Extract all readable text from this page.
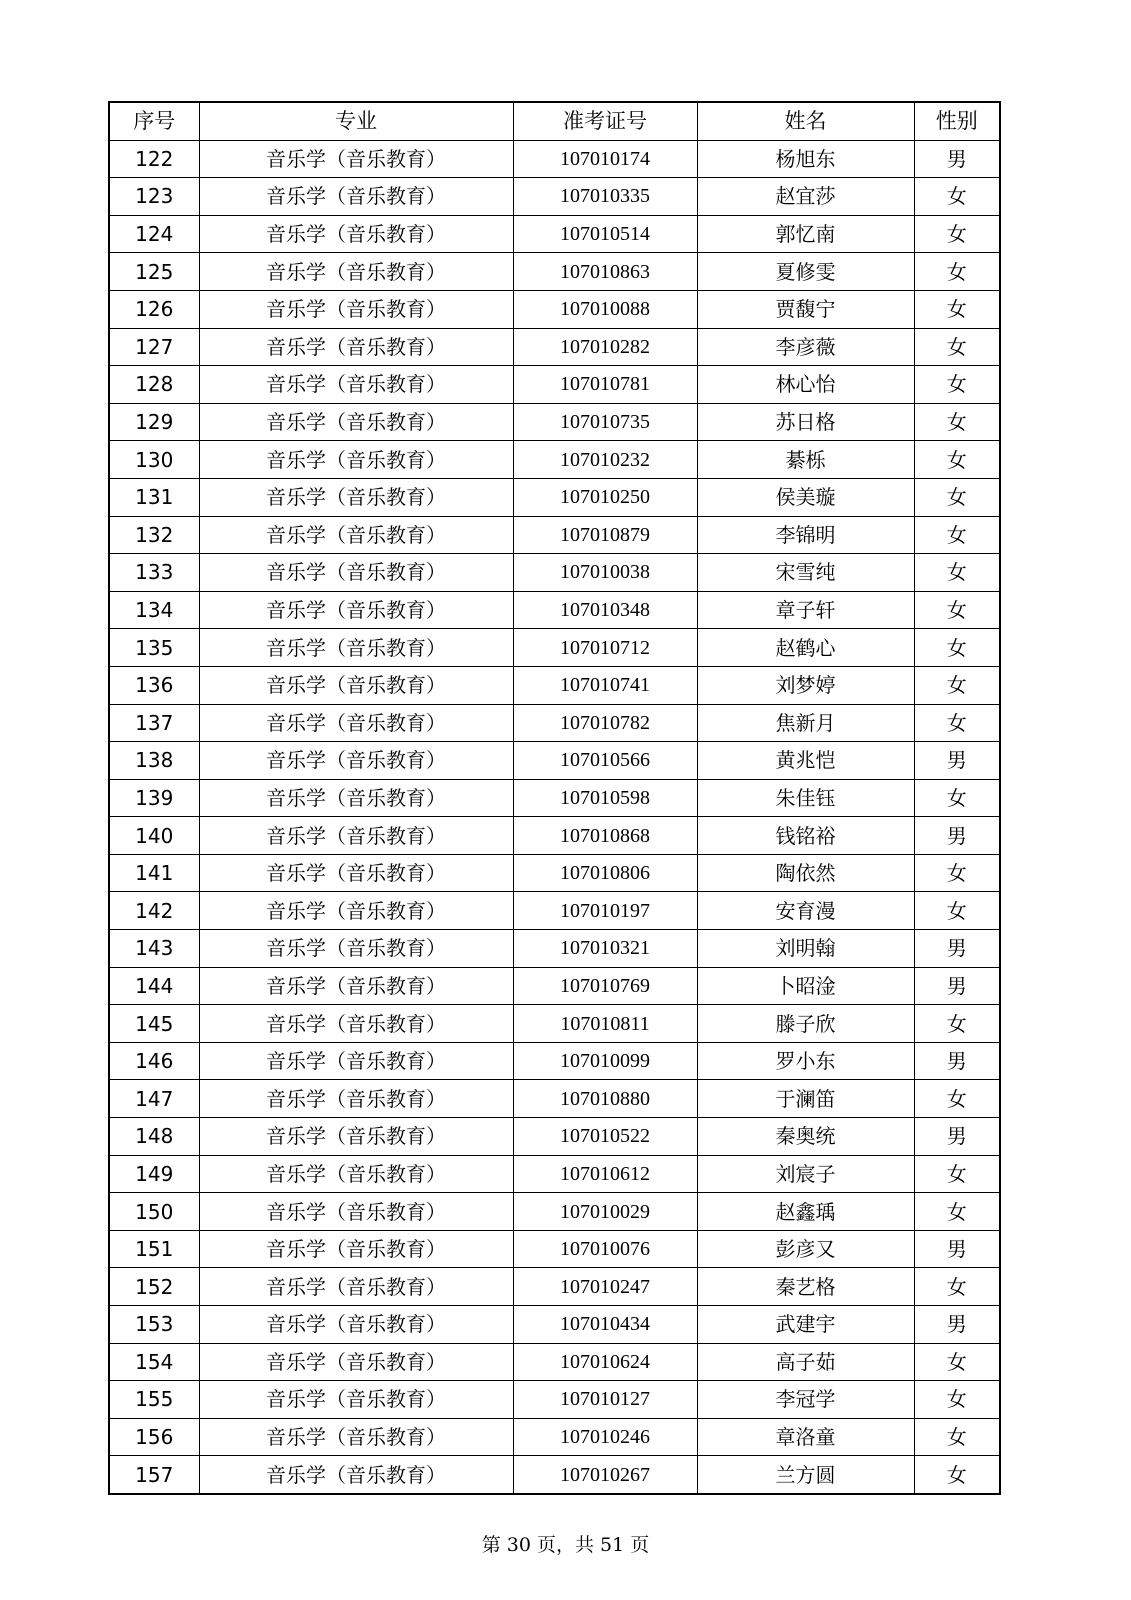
序号	专业	准考证号	姓名	性别
122	音乐学（音乐教育）	107010174	杨旭东	男
123	音乐学（音乐教育）	107010335	赵宜莎	女
124	音乐学（音乐教育）	107010514	郭忆南	女
125	音乐学（音乐教育）	107010863	夏修雯	女
126	音乐学（音乐教育）	107010088	贾馥宁	女
127	音乐学（音乐教育）	107010282	李彦薇	女
128	音乐学（音乐教育）	107010781	林心怡	女
129	音乐学（音乐教育）	107010735	苏日格	女
130	音乐学（音乐教育）	107010232	綦栎	女
131	音乐学（音乐教育）	107010250	侯美璇	女
132	音乐学（音乐教育）	107010879	李锦明	女
133	音乐学（音乐教育）	107010038	宋雪纯	女
134	音乐学（音乐教育）	107010348	章子轩	女
135	音乐学（音乐教育）	107010712	赵鹤心	女
136	音乐学（音乐教育）	107010741	刘梦婷	女
137	音乐学（音乐教育）	107010782	焦新月	女
138	音乐学（音乐教育）	107010566	黄兆恺	男
139	音乐学（音乐教育）	107010598	朱佳钰	女
140	音乐学（音乐教育）	107010868	钱铭裕	男
141	音乐学（音乐教育）	107010806	陶依然	女
142	音乐学（音乐教育）	107010197	安育漫	女
143	音乐学（音乐教育）	107010321	刘明翰	男
144	音乐学（音乐教育）	107010769	卜昭淦	男
145	音乐学（音乐教育）	107010811	滕子欣	女
146	音乐学（音乐教育）	107010099	罗小东	男
147	音乐学（音乐教育）	107010880	于澜笛	女
148	音乐学（音乐教育）	107010522	秦奥统	男
149	音乐学（音乐教育）	107010612	刘宸子	女
150	音乐学（音乐教育）	107010029	赵鑫瑀	女
151	音乐学（音乐教育）	107010076	彭彦又	男
152	音乐学（音乐教育）	107010247	秦艺格	女
153	音乐学（音乐教育）	107010434	武建宇	男
154	音乐学（音乐教育）	107010624	高子茹	女
155	音乐学（音乐教育）	107010127	李冠学	女
156	音乐学（音乐教育）	107010246	章洛童	女
157	音乐学（音乐教育）	107010267	兰方圆	女
第 30 页，共 51 页
